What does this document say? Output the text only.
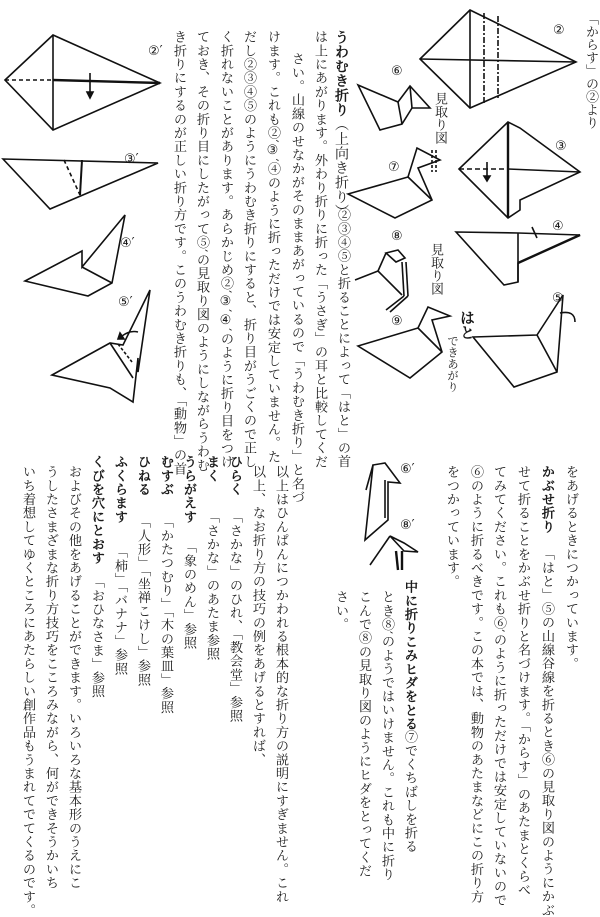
②′
③′
④′
⑤′
⑥
⑦
⑧
⑨
見取り図
見取り図
②
③
④
⑤
「からす」の②より
はと
できあがり
⑥′
⑧′
うわむき折り（上向き折り）
②③④⑤と折ることによって「はと」の首
は上にあがります。外わり折りに折った「うさぎ」の耳と比較してくだ
さい。山線のせなかがそのままあがっているので「うわむき折り」と名づ
けます。これも②′③′④のように折っただけでは安定していません。た
だし②③④⑤のようにうわむき折りにすると、折り目がうごくので正し
く折れないことがあります。あらかじめ②′③′④′のように折り目をつけ
ておき、その折り目にしたがって⑤′の見取り図のようにしながらうわむ
き折りにするのが正しい折り方です。このうわむき折りも、「動物」の首
をあげるときにつかっています。
かぶせ折り
「はと」⑤の山線谷線を折るとき⑥の見取り図のようにかぶ
せて折ることをかぶせ折りと名づけます。「からす」のあたまとくらべ
てみてください。これも⑥′のように折っただけでは安定していないので
⑥のように折るべきです。この本では、動物のあたまなどにこの折り方
をつかっています。
中に折りこみヒダをとる
⑦でくちばしを折る
とき⑧′のようではいけません。これも中に折り
こんで⑧の見取り図のようにヒダをとってくだ
さい。
以上はひんぱんにつかわれる根本的な折り方の説明にすぎません。これ
以上、なお折り方の技巧の例をあげるとすれば、
ひらく
「さかな」のひれ、「教会堂」参照
まく
「さかな」のあたま参照
うらがえす
「象のめん」参照
むすぶ
「かたつむり」「木の葉皿」参照
ひねる
「人形」「坐禅こけし」参照
ふくらます
「柿」「バナナ」参照
くびを穴にとおす
「おひなさま」参照
およびその他をあげることができます。いろいろな基本形のうえにこ
うしたさまざまな折り方技巧をこころみながら、何ができそうかいち
いち着想してゆくところにあたらしい創作品もうまれてでてくるのです。
